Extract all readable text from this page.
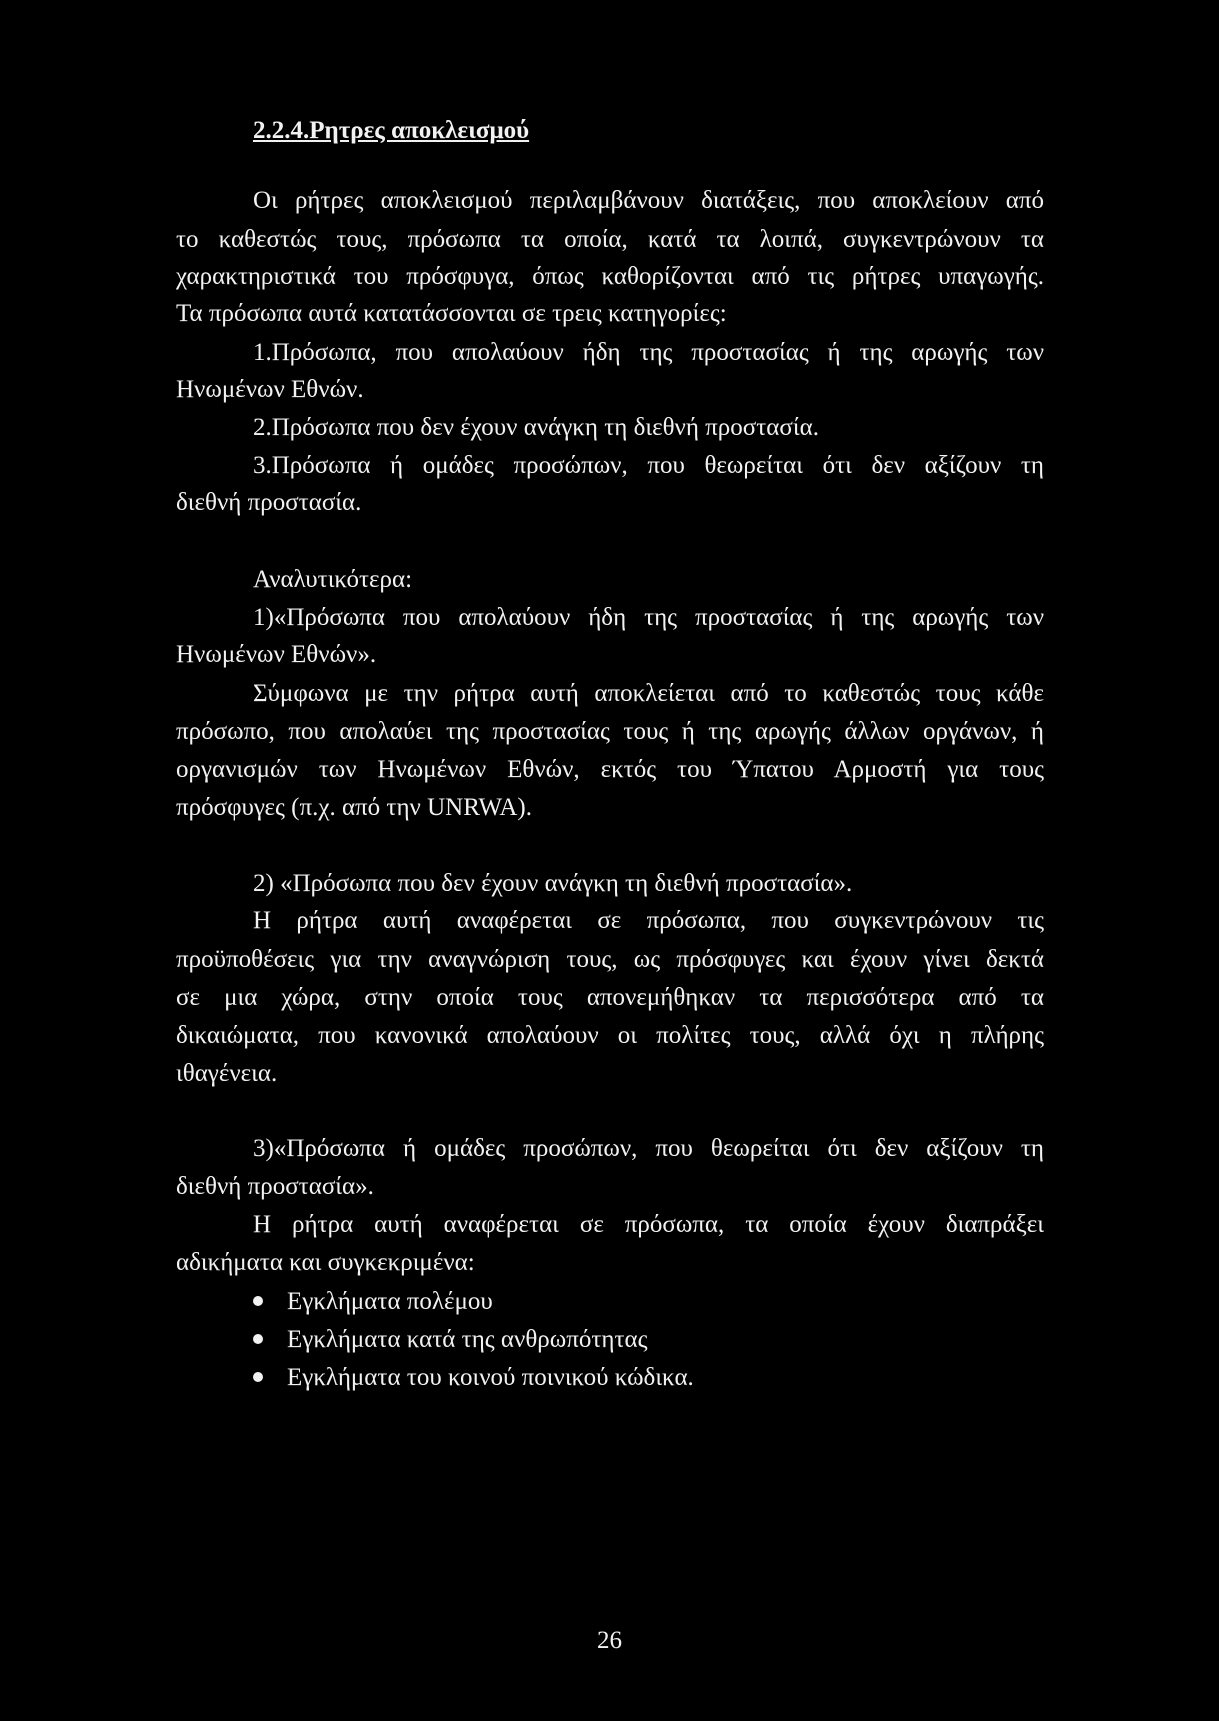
2.2.4.Ρητρες αποκλεισμού
Οι ρήτρες αποκλεισμού περιλαμβάνουν διατάξεις, που αποκλείουν από
το καθεστώς τους, πρόσωπα τα οποία, κατά τα λοιπά, συγκεντρώνουν τα
χαρακτηριστικά του πρόσφυγα, όπως καθορίζονται από τις ρήτρες υπαγωγής.
Τα πρόσωπα αυτά κατατάσσονται σε τρεις κατηγορίες:
1.Πρόσωπα, που απολαύουν ήδη της προστασίας ή της αρωγής των
Ηνωμένων Εθνών.
2.Πρόσωπα που δεν έχουν ανάγκη τη διεθνή προστασία.
3.Πρόσωπα ή ομάδες προσώπων, που θεωρείται ότι δεν αξίζουν τη
διεθνή προστασία.
Αναλυτικότερα:
1)«Πρόσωπα που απολαύουν ήδη της προστασίας ή της αρωγής των
Ηνωμένων Εθνών».
Σύμφωνα με την ρήτρα αυτή αποκλείεται από το καθεστώς τους κάθε
πρόσωπο, που απολαύει της προστασίας τους ή της αρωγής άλλων οργάνων, ή
οργανισμών των Ηνωμένων Εθνών, εκτός του Ύπατου Αρμοστή για τους
πρόσφυγες (π.χ. από την UNRWA).
2) «Πρόσωπα που δεν έχουν ανάγκη τη διεθνή προστασία».
Η ρήτρα αυτή αναφέρεται σε πρόσωπα, που συγκεντρώνουν τις
προϋποθέσεις για την αναγνώριση τους, ως πρόσφυγες και έχουν γίνει δεκτά
σε μια χώρα, στην οποία τους απονεμήθηκαν τα περισσότερα από τα
δικαιώματα, που κανονικά απολαύουν οι πολίτες τους, αλλά όχι η πλήρης
ιθαγένεια.
3)«Πρόσωπα ή ομάδες προσώπων, που θεωρείται ότι δεν αξίζουν τη
διεθνή προστασία».
Η ρήτρα αυτή αναφέρεται σε πρόσωπα, τα οποία έχουν διαπράξει
αδικήματα και συγκεκριμένα:
Εγκλήματα πολέμου
Εγκλήματα κατά της ανθρωπότητας
Εγκλήματα του κοινού ποινικού κώδικα.
26
